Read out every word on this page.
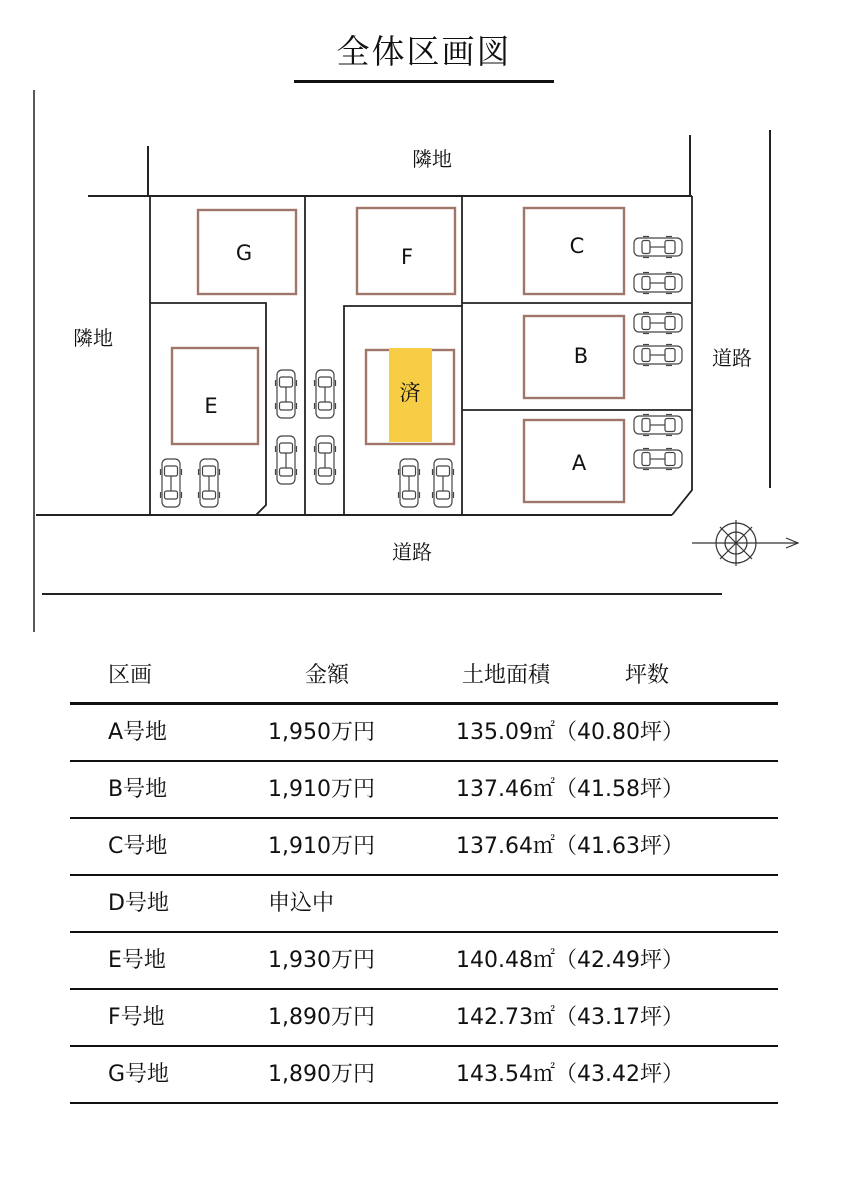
全体区画図
隣地
隣地
道路
道路
G	F	C
B
A
E
済
区画	金額	土地面積	坪数
A号地	1,950万円	135.09㎡（40.80坪）
B号地	1,910万円	137.46㎡（41.58坪）
C号地	1,910万円	137.64㎡（41.63坪）
D号地	申込中
E号地	1,930万円	140.48㎡（42.49坪）
F号地	1,890万円	142.73㎡（43.17坪）
G号地	1,890万円	143.54㎡（43.42坪）
